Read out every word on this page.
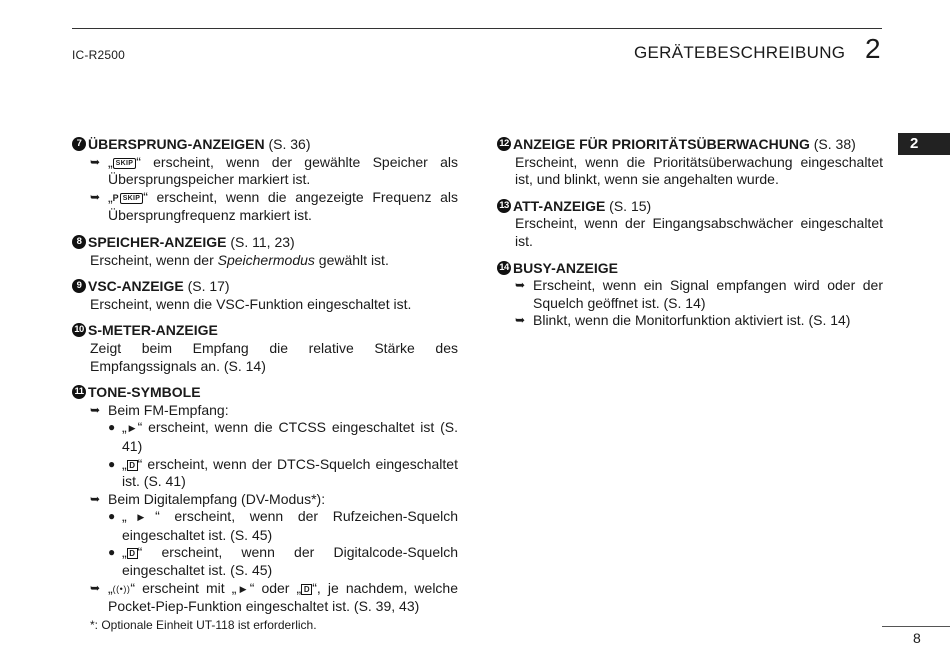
IC-R2500	GERÄTEBESCHREIBUNG 2
2
7 ÜBERSPRUNG-ANZEIGEN (S. 36)
➥ „ SKIP “ erscheint, wenn der gewählte Speicher als Übersprungspeicher markiert ist.
➥ „P SKIP “ erscheint, wenn die angezeigte Frequenz als Übersprungfrequenz markiert ist.
8 SPEICHER-ANZEIGE (S. 11, 23)
Erscheint, wenn der Speichermodus gewählt ist.
9 VSC-ANZEIGE (S. 17)
Erscheint, wenn die VSC-Funktion eingeschaltet ist.
10 S-METER-ANZEIGE
Zeigt beim Empfang die relative Stärke des Empfangssignals an. (S. 14)
11 TONE-SYMBOLE
➥ Beim FM-Empfang:
● „▶“ erscheint, wenn die CTCSS eingeschaltet ist (S. 41)
● „ D “ erscheint, wenn der DTCS-Squelch eingeschaltet ist. (S. 41)
➥ Beim Digitalempfang (DV-Modus*):
● „▶“ erscheint, wenn der Rufzeichen-Squelch eingeschaltet ist. (S. 45)
● „ D “ erscheint, wenn der Digitalcode-Squelch eingeschaltet ist. (S. 45)
➥ „((•))“ erscheint mit „▶“ oder „ D “, je nachdem, welche Pocket-Piep-Funktion eingeschaltet ist. (S. 39, 43)
*: Optionale Einheit UT-118 ist erforderlich.
12 ANZEIGE FÜR PRIORITÄTSÜBERWACHUNG (S. 38)
Erscheint, wenn die Prioritätsüberwachung eingeschaltet ist, und blinkt, wenn sie angehalten wurde.
13 ATT-ANZEIGE (S. 15)
Erscheint, wenn der Eingangsabschwächer eingeschaltet ist.
14 BUSY-ANZEIGE
➥ Erscheint, wenn ein Signal empfangen wird oder der Squelch geöffnet ist. (S. 14)
➥ Blinkt, wenn die Monitorfunktion aktiviert ist. (S. 14)
8
